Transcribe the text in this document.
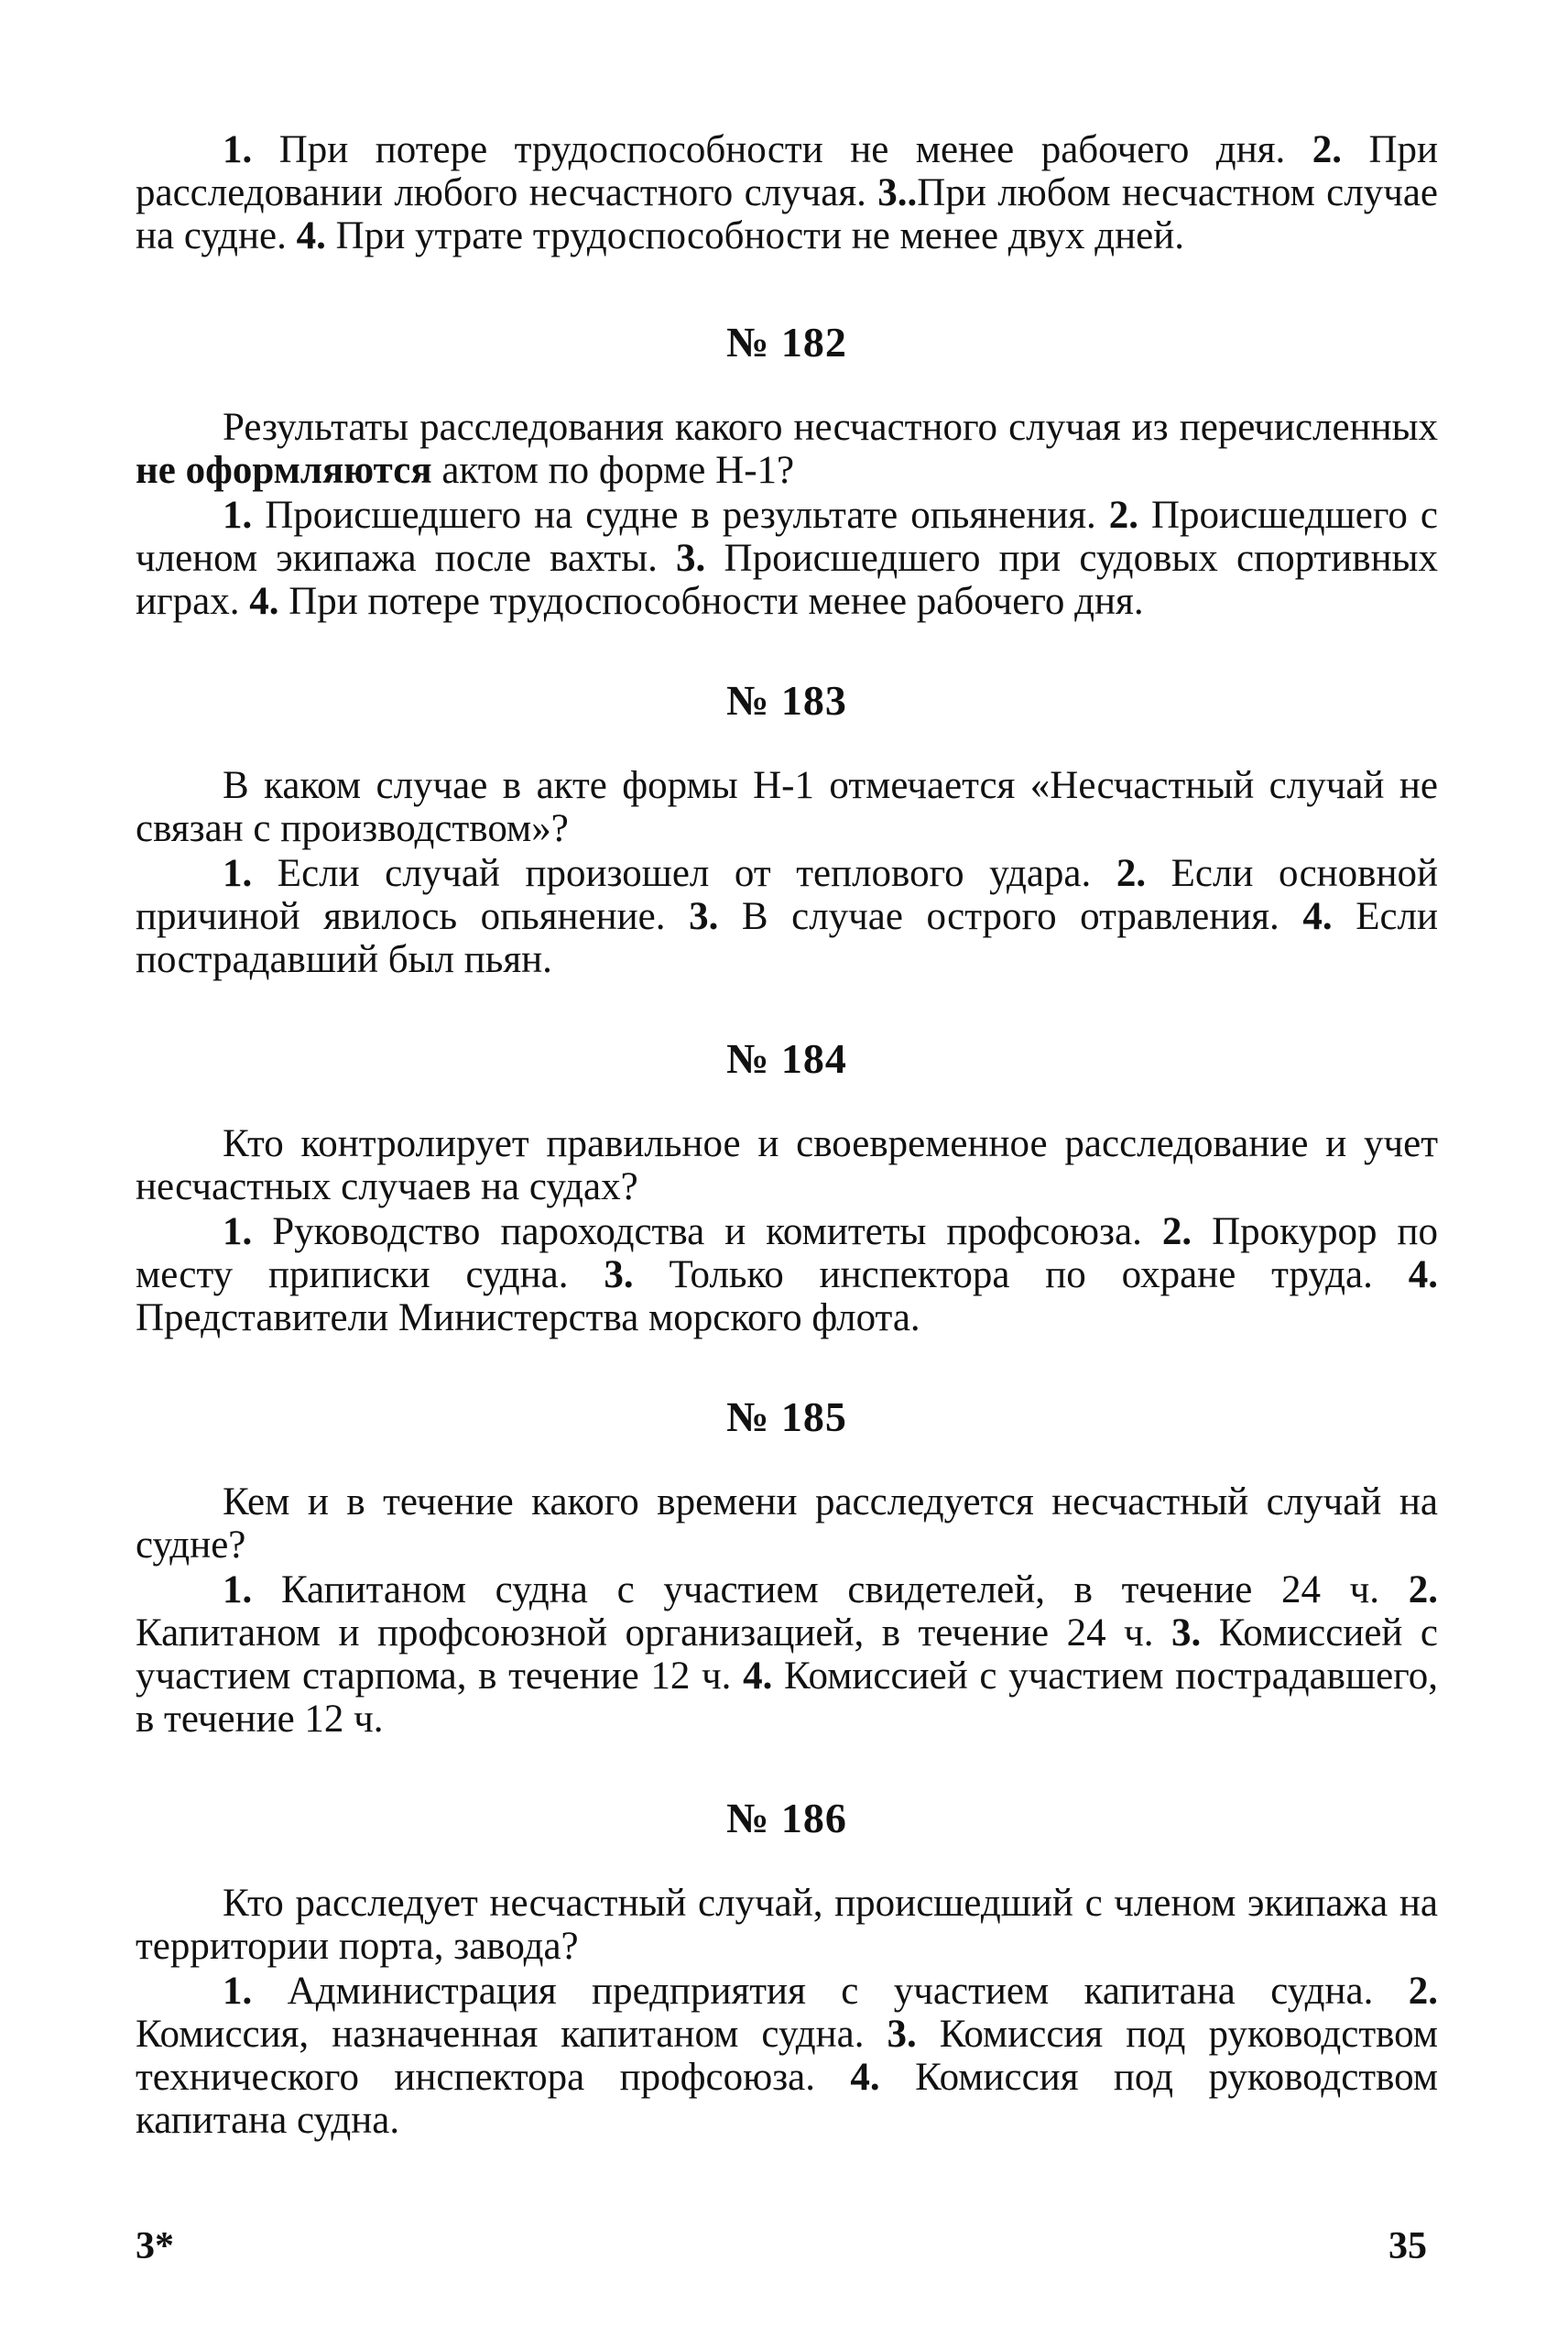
1. При потере трудоспособности не менее рабочего дня. 2. При расследовании любого несчастного случая. 3..При любом несчастном случае на судне. 4. При утрате трудоспособности не менее двух дней.

№ 182

Результаты расследования какого несчастного случая из перечисленных не оформляются актом по форме Н-1?

1. Происшедшего на судне в результате опьянения. 2. Происшедшего с членом экипажа после вахты. 3. Происшедшего при судовых спортивных играх. 4. При потере трудоспособности менее рабочего дня.

№ 183

В каком случае в акте формы Н-1 отмечается «Несчастный случай не связан с производством»?

1. Если случай произошел от теплового удара. 2. Если основной причиной явилось опьянение. 3. В случае острого отравления. 4. Если пострадавший был пьян.

№ 184

Кто контролирует правильное и своевременное расследование и учет несчастных случаев на судах?

1. Руководство пароходства и комитеты профсоюза. 2. Прокурор по месту приписки судна. 3. Только инспектора по охране труда. 4. Представители Министерства морского флота.

№ 185

Кем и в течение какого времени расследуется несчастный случай на судне?

1. Капитаном судна с участием свидетелей, в течение 24 ч. 2. Капитаном и профсоюзной организацией, в течение 24 ч. 3. Комиссией с участием старпома, в течение 12 ч. 4. Комиссией с участием пострадавшего, в течение 12 ч.

№ 186

Кто расследует несчастный случай, происшедший с членом экипажа на территории порта, завода?

1. Администрация предприятия с участием капитана судна. 2. Комиссия, назначенная капитаном судна. 3. Комиссия под руководством технического инспектора профсоюза. 4. Комиссия под руководством капитана судна.

3*	35
